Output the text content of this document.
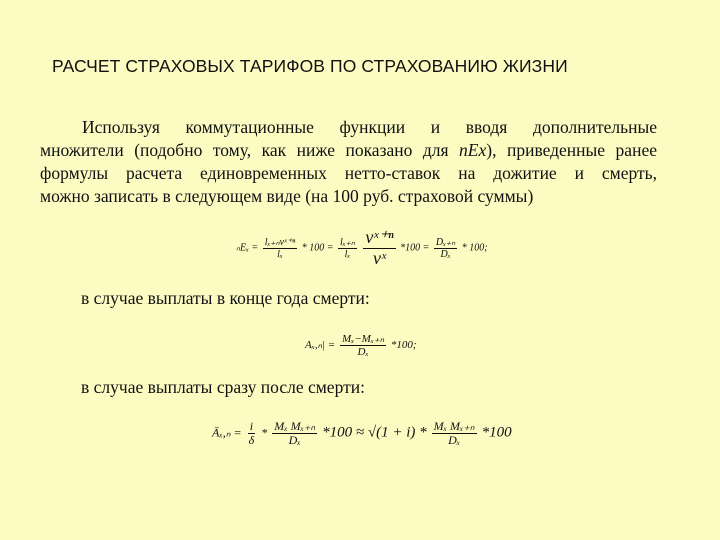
РАСЧЕТ СТРАХОВЫХ ТАРИФОВ ПО СТРАХОВАНИЮ ЖИЗНИ
Используя коммутационные функции и вводя дополнительные
множители (подобно тому, как ниже показано для nEx), приведенные ранее
формулы расчета единовременных нетто-ставок на дожитие и смерть,
можно записать в следующем виде (на 100 руб. страховой суммы)
$_nE_x = \frac{\text{lₓ₊ₙvˣ⁺ⁿ}}{\text{lₓ}} * 100 = \frac{\text{lₓ₊ₙ}}{\text{lₓ}}$
$\frac{\text{vˣ⁺ⁿ}}{\text{vˣ}} *100 = \frac{\text{Dₓ₊ₙ}}{\text{Dₓ}} * 100$;
в случае выплаты в конце года смерти:
$A_x,_n| = \frac{\text{Mₓ−Mₓ₊ₙ}}{\text{Dₓ}} *100$;
в случае выплаты сразу после смерти:
Āₓ,ₙ = $\frac{i}{\delta} * \frac{\text{Mₓ Mₓ₊ₙ}}{\text{Dₓ}} *100 \approx √(1 + i) * \frac{\text{Mₓ Mₓ₊ₙ}}{\text{Dₓ}} *100$
